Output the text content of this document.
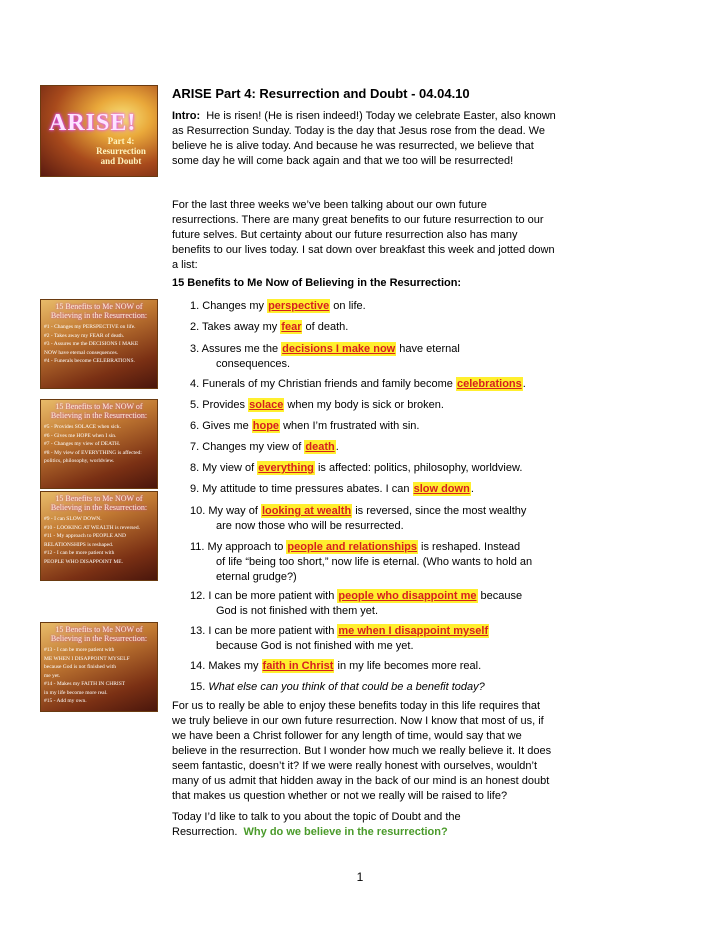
ARISE!
Part 4:
Resurrection
and Doubt
15 Benefits to Me NOW of
Believing in the Resurrection:
#1 - Changes my PERSPECTIVE on life.
#2 - Takes away my FEAR of death.
#3 - Assures me the DECISIONS I MAKE
NOW have eternal consequences.
#4 - Funerals become CELEBRATIONS.
15 Benefits to Me NOW of
Believing in the Resurrection:
#5 - Provides SOLACE when sick.
#6 - Gives me HOPE when I sin.
#7 - Changes my view of DEATH.
#8 - My view of EVERYTHING is affected:
politics, philosophy, worldview.
15 Benefits to Me NOW of
Believing in the Resurrection:
#9 - I can SLOW DOWN.
#10 - LOOKING AT WEALTH is reversed.
#11 - My approach to PEOPLE AND
RELATIONSHIPS is reshaped.
#12 - I can be more patient with
PEOPLE WHO DISAPPOINT ME.
15 Benefits to Me NOW of
Believing in the Resurrection:
#13 - I can be more patient with
ME WHEN I DISAPPOINT MYSELF
because God is not finished with
me yet.
#14 - Makes my FAITH IN CHRIST
in my life become more real.
#15 - Add my own.
ARISE Part 4: Resurrection and Doubt - 04.04.10
Intro: He is risen! (He is risen indeed!) Today we celebrate Easter, also known as Resurrection Sunday. Today is the day that Jesus rose from the dead. We believe he is alive today. And because he was resurrected, we believe that some day he will come back again and that we too will be resurrected!
For the last three weeks we’ve been talking about our own future resurrections. There are many great benefits to our future resurrection to our future selves. But certainty about our future resurrection also has many benefits to our lives today. I sat down over breakfast this week and jotted down a list:
15 Benefits to Me Now of Believing in the Resurrection:
1. Changes my perspective on life.
2. Takes away my fear of death.
3. Assures me the decisions I make now have eternal
consequences.
4. Funerals of my Christian friends and family become celebrations.
5. Provides solace when my body is sick or broken.
6. Gives me hope when I’m frustrated with sin.
7. Changes my view of death.
8. My view of everything is affected: politics, philosophy, worldview.
9. My attitude to time pressures abates. I can slow down.
10. My way of looking at wealth is reversed, since the most wealthy
are now those who will be resurrected.
11. My approach to people and relationships is reshaped. Instead
of life “being too short,” now life is eternal. (Who wants to hold an eternal grudge?)
12. I can be more patient with people who disappoint me because
God is not finished with them yet.
13. I can be more patient with me when I disappoint myself
because God is not finished with me yet.
14. Makes my faith in Christ in my life becomes more real.
15. What else can you think of that could be a benefit today?
For us to really be able to enjoy these benefits today in this life requires that we truly believe in our own future resurrection. Now I know that most of us, if we have been a Christ follower for any length of time, would say that we believe in the resurrection. But I wonder how much we really believe it. It does seem fantastic, doesn’t it? If we were really honest with ourselves, wouldn’t many of us admit that hidden away in the back of our mind is an honest doubt that makes us question whether or not we really will be raised to life?
Today I’d like to talk to you about the topic of Doubt and the Resurrection. Why do we believe in the resurrection?
1
